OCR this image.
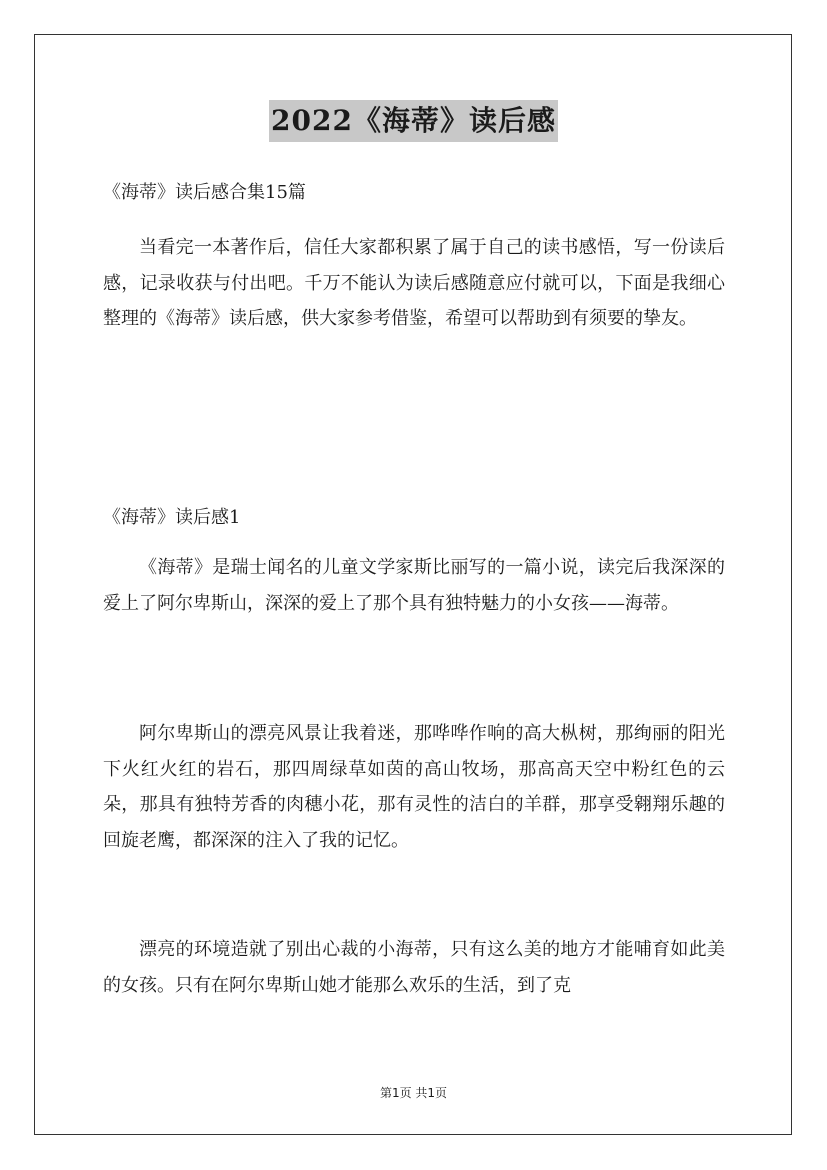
2022《海蒂》读后感
《海蒂》读后感合集15篇

当看完一本著作后，信任大家都积累了属于自己的读书感悟，写一份读后感，记录收获与付出吧。千万不能认为读后感随意应付就可以，下面是我细心整理的《海蒂》读后感，供大家参考借鉴，希望可以帮助到有须要的挚友。

《海蒂》读后感1

《海蒂》是瑞士闻名的儿童文学家斯比丽写的一篇小说，读完后我深深的爱上了阿尔卑斯山，深深的爱上了那个具有独特魅力的小女孩——海蒂。

阿尔卑斯山的漂亮风景让我着迷，那哗哗作响的高大枞树，那绚丽的阳光下火红火红的岩石，那四周绿草如茵的高山牧场，那高高天空中粉红色的云朵，那具有独特芳香的肉穗小花，那有灵性的洁白的羊群，那享受翱翔乐趣的回旋老鹰，都深深的注入了我的记忆。

漂亮的环境造就了别出心裁的小海蒂，只有这么美的地方才能哺育如此美的女孩。只有在阿尔卑斯山她才能那么欢乐的生活，到了克

第1页 共1页
